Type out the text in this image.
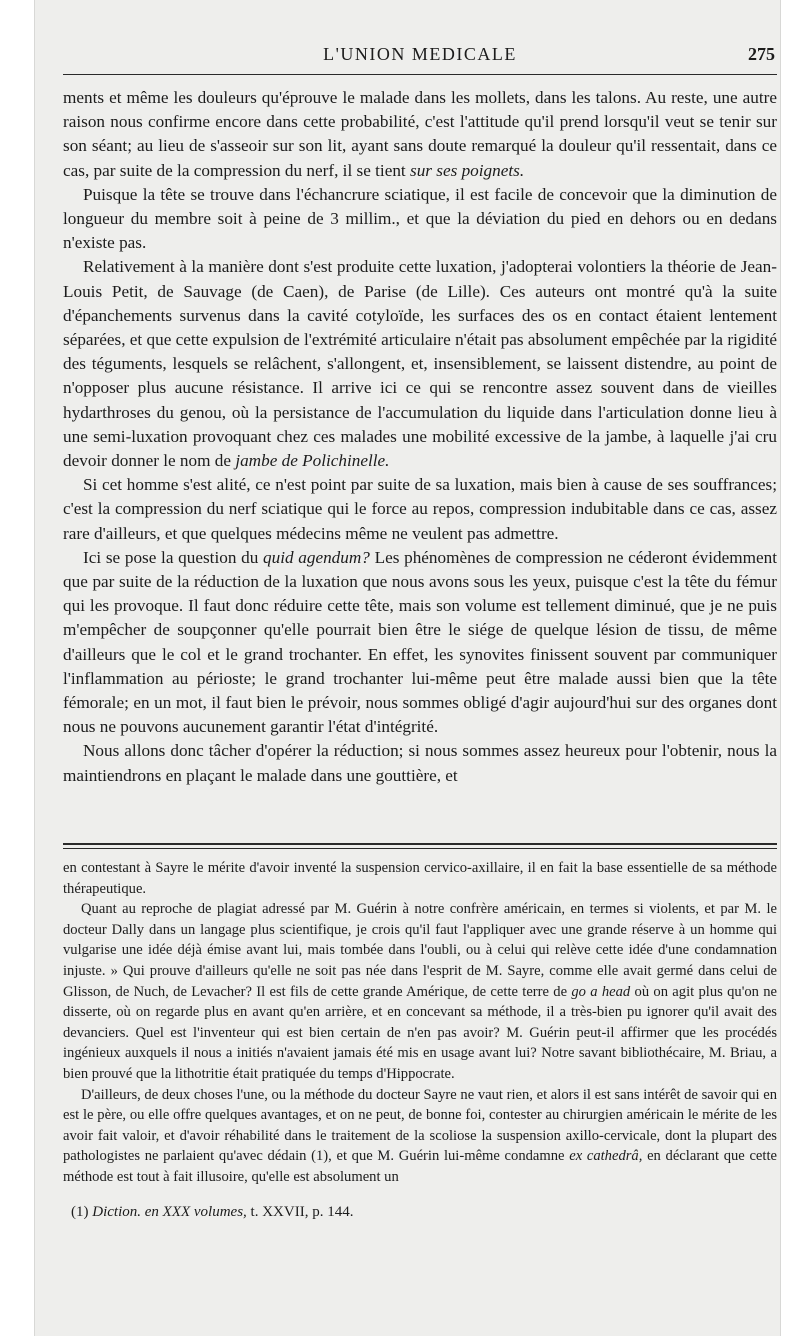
L'UNION MEDICALE	275

ments et même les douleurs qu'éprouve le malade dans les mollets, dans les talons. Au reste, une autre raison nous confirme encore dans cette probabilité, c'est l'attitude qu'il prend lorsqu'il veut se tenir sur son séant; au lieu de s'asseoir sur son lit, ayant sans doute remarqué la douleur qu'il ressentait, dans ce cas, par suite de la compression du nerf, il se tient sur ses poignets.

Puisque la tête se trouve dans l'échancrure sciatique, il est facile de concevoir que la diminution de longueur du membre soit à peine de 3 millim., et que la déviation du pied en dehors ou en dedans n'existe pas.

Relativement à la manière dont s'est produite cette luxation, j'adopterai volontiers la théorie de Jean-Louis Petit, de Sauvage (de Caen), de Parise (de Lille). Ces auteurs ont montré qu'à la suite d'épanchements survenus dans la cavité cotyloïde, les surfaces des os en contact étaient lentement séparées, et que cette expulsion de l'extrémité articulaire n'était pas absolument empêchée par la rigidité des téguments, lesquels se relâchent, s'allongent, et, insensiblement, se laissent distendre, au point de n'opposer plus aucune résistance. Il arrive ici ce qui se rencontre assez souvent dans de vieilles hydarthroses du genou, où la persistance de l'accumulation du liquide dans l'articulation donne lieu à une semi-luxation provoquant chez ces malades une mobilité excessive de la jambe, à laquelle j'ai cru devoir donner le nom de jambe de Polichinelle.

Si cet homme s'est alité, ce n'est point par suite de sa luxation, mais bien à cause de ses souffrances; c'est la compression du nerf sciatique qui le force au repos, compression indubitable dans ce cas, assez rare d'ailleurs, et que quelques médecins même ne veulent pas admettre.

Ici se pose la question du quid agendum? Les phénomènes de compression ne céderont évidemment que par suite de la réduction de la luxation que nous avons sous les yeux, puisque c'est la tête du fémur qui les provoque. Il faut donc réduire cette tête, mais son volume est tellement diminué, que je ne puis m'empêcher de soupçonner qu'elle pourrait bien être le siége de quelque lésion de tissu, de même d'ailleurs que le col et le grand trochanter. En effet, les synovites finissent souvent par communiquer l'inflammation au périoste; le grand trochanter lui-même peut être malade aussi bien que la tête fémorale; en un mot, il faut bien le prévoir, nous sommes obligé d'agir aujourd'hui sur des organes dont nous ne pouvons aucunement garantir l'état d'intégrité.

Nous allons donc tâcher d'opérer la réduction; si nous sommes assez heureux pour l'obtenir, nous la maintiendrons en plaçant le malade dans une gouttière, et

en contestant à Sayre le mérite d'avoir inventé la suspension cervico-axillaire, il en fait la base essentielle de sa méthode thérapeutique.

Quant au reproche de plagiat adressé par M. Guérin à notre confrère américain, en termes si violents, et par M. le docteur Dally dans un langage plus scientifique, je crois qu'il faut l'appliquer avec une grande réserve à un homme qui vulgarise une idée déjà émise avant lui, mais tombée dans l'oubli, ou à celui qui relève cette idée d'une condamnation injuste. » Qui prouve d'ailleurs qu'elle ne soit pas née dans l'esprit de M. Sayre, comme elle avait germé dans celui de Glisson, de Nuch, de Levacher? Il est fils de cette grande Amérique, de cette terre de go a head où on agit plus qu'on ne disserte, où on regarde plus en avant qu'en arrière, et en concevant sa méthode, il a très-bien pu ignorer qu'il avait des devanciers. Quel est l'inventeur qui est bien certain de n'en pas avoir? M. Guérin peut-il affirmer que les procédés ingénieux auxquels il nous a initiés n'avaient jamais été mis en usage avant lui? Notre savant bibliothécaire, M. Briau, a bien prouvé que la lithotritie était pratiquée du temps d'Hippocrate.

D'ailleurs, de deux choses l'une, ou la méthode du docteur Sayre ne vaut rien, et alors il est sans intérêt de savoir qui en est le père, ou elle offre quelques avantages, et on ne peut, de bonne foi, contester au chirurgien américain le mérite de les avoir fait valoir, et d'avoir réhabilité dans le traitement de la scoliose la suspension axillo-cervicale, dont la plupart des pathologistes ne parlaient qu'avec dédain (1), et que M. Guérin lui-même condamne ex cathedrâ, en déclarant que cette méthode est tout à fait illusoire, qu'elle est absolument un

(1) Diction. en XXX volumes, t. XXVII, p. 144.
